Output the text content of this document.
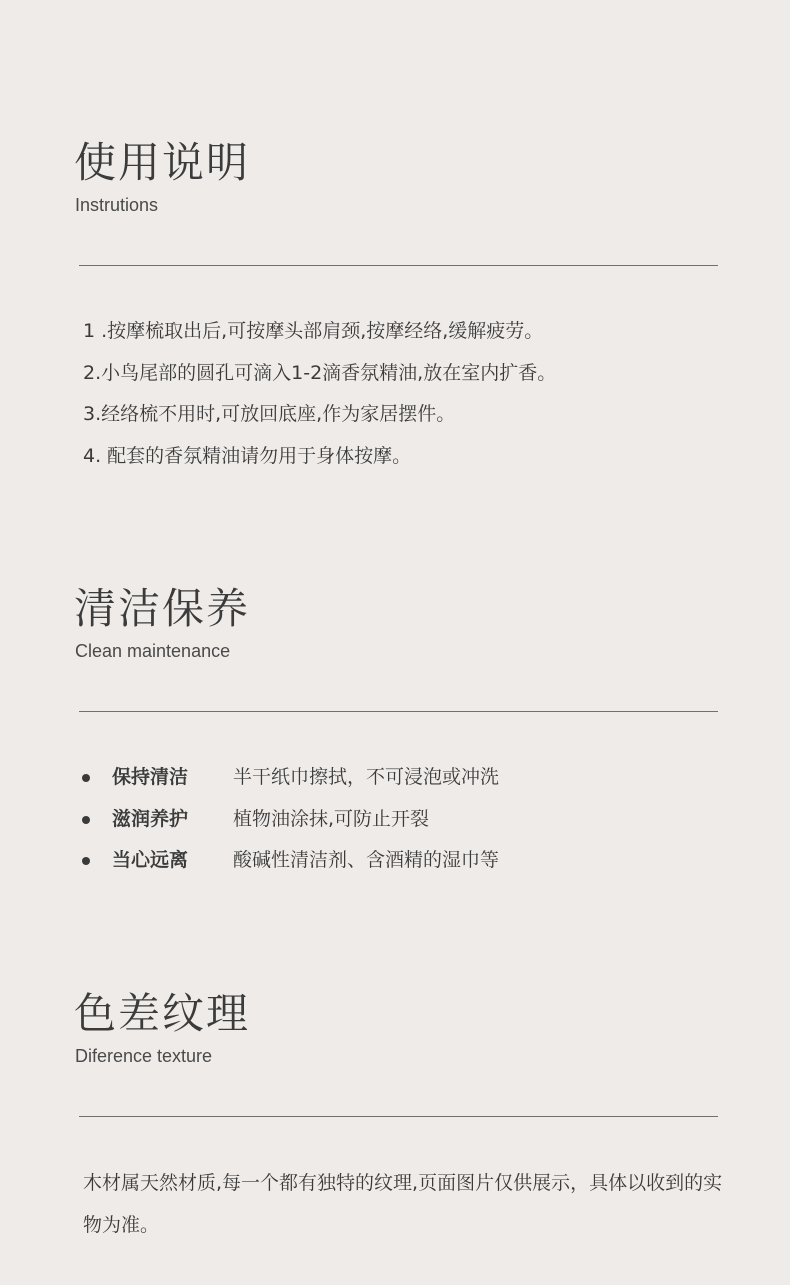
使用说明
Instrutions
1 .按摩梳取出后,可按摩头部肩颈,按摩经络,缓解疲劳。
2.小鸟尾部的圆孔可滴入1-2滴香氛精油,放在室内扩香。
3.经络梳不用时,可放回底座,作为家居摆件。
4. 配套的香氛精油请勿用于身体按摩。
清洁保养
Clean maintenance
保持清洁 半干纸巾擦拭，不可浸泡或冲洗
滋润养护 植物油涂抹,可防止开裂
当心远离 酸碱性清洁剂、含酒精的湿巾等
色差纹理
Diference texture

木材属天然材质,每一个都有独特的纹理,页面图片仅供展示，具体以收到的实物为准。
